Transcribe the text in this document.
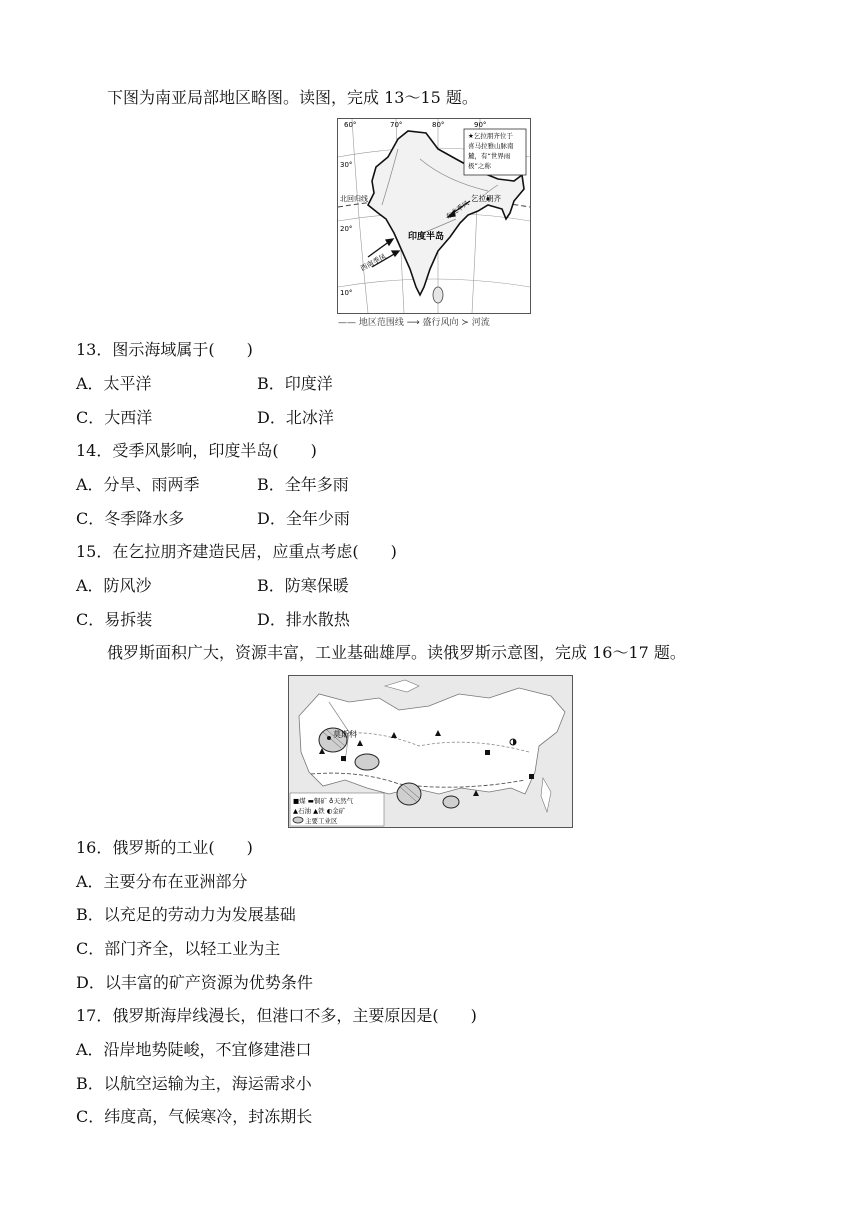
下图为南亚局部地区略图。读图，完成 13～15 题。
★乞拉朋齐位于
喜马拉雅山脉南
麓，有“世界雨
极”之称
60°	70°	80°	90°
30°
20°
10°
乞拉朋齐
北回归线
印度半岛
西南季风
—— 地区范围线 ⟶ 盛行风向 ≻ 河流
13．图示海域属于(　　)
A．太平洋	B．印度洋
C．大西洋	D．北冰洋
14．受季风影响，印度半岛(　　)
A．分旱、雨两季	B．全年多雨
C．冬季降水多	D．全年少雨
15．在乞拉朋齐建造民居，应重点考虑(　　)
A．防风沙	B．防寒保暖
C．易拆装	D．排水散热
俄罗斯面积广大，资源丰富，工业基础雄厚。读俄罗斯示意图，完成 16～17 题。
莫斯科
■煤 ▬铜矿 ♁天然气
▲石油 ▲铁 ◐金矿
主要工业区
16．俄罗斯的工业(　　)
A．主要分布在亚洲部分
B．以充足的劳动力为发展基础
C．部门齐全，以轻工业为主
D．以丰富的矿产资源为优势条件
17．俄罗斯海岸线漫长，但港口不多，主要原因是(　　)
A．沿岸地势陡峻，不宜修建港口
B．以航空运输为主，海运需求小
C．纬度高，气候寒冷，封冻期长
